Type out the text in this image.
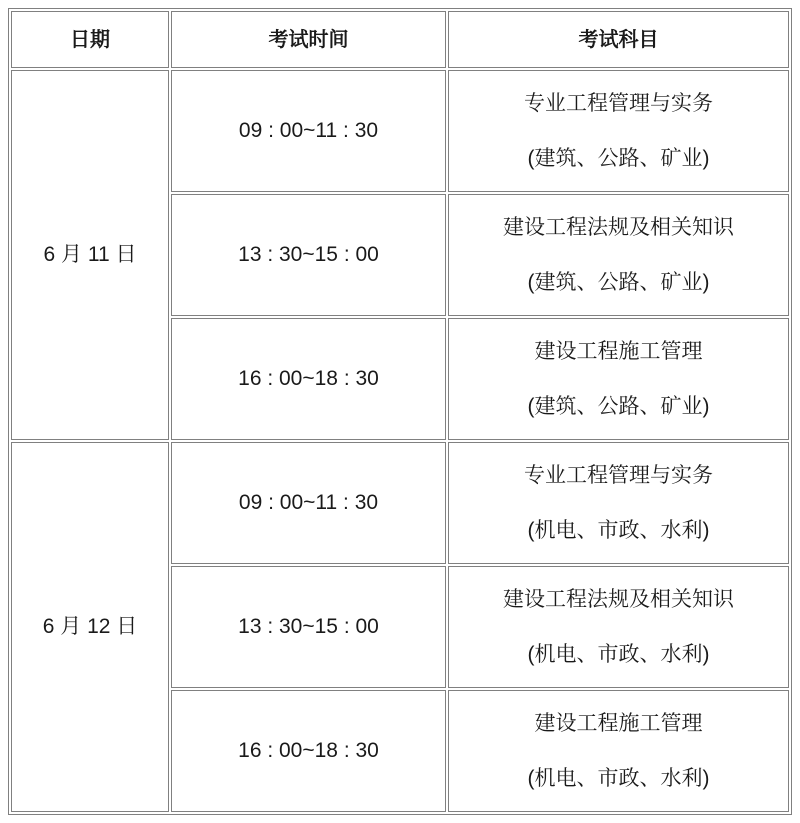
日期	考试时间	考试科目
6 月 11 日	09 : 00~11 : 30	专业工程管理与实务
(建筑、公路、矿业)

	13 : 30~15 : 00	建设工程法规及相关知识
(建筑、公路、矿业)

	16 : 00~18 : 30	建设工程施工管理
(建筑、公路、矿业)

6 月 12 日	09 : 00~11 : 30	专业工程管理与实务
(机电、市政、水利)

	13 : 30~15 : 00	建设工程法规及相关知识
(机电、市政、水利)

	16 : 00~18 : 30	建设工程施工管理
(机电、市政、水利)
